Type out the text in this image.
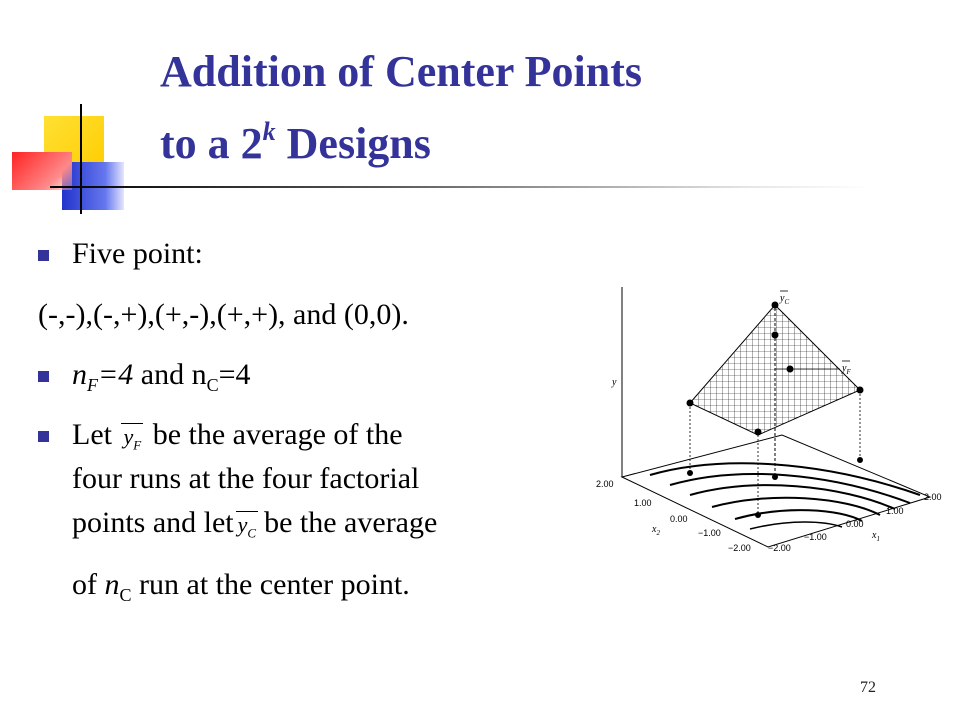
Addition of Center Points
to a 2$^k$ Designs
Five point:
(-,-),(-,+),(+,-),(+,+), and (0,0).
$n_F=4$ and $n_C=4$
Let $y_F$ be the average of the
four runs at the four factorial
points and let $y_C$ be the average
of $n_C$ run at the center point.
y
$y_C$
$y_F$
2.00
1.00
0.00
−1.00
−2.00
$x_2$
−2.00
−1.00
0.00
1.00
2.00
$x_1$
72
